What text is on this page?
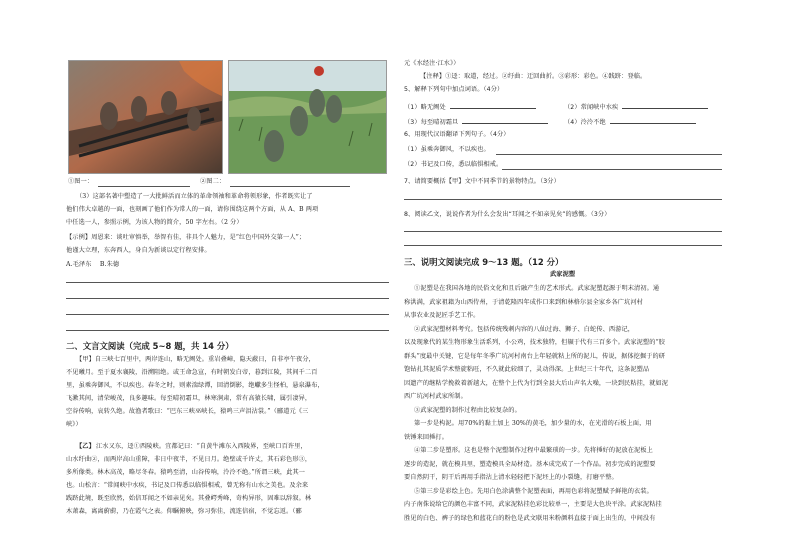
①图一：	②图二：
（3）这部名著中塑造了一大批鲜活而立体的革命领袖和革命将领形象，作者既实让了
他们伟大卓越的一面，也刻画了他们作为常人的一面，请你围绕这两个方面，从 A、B 两项
中任选一人，参照示例，为该人物的简介，50 字左右。（2 分）
【示例】周恩来：谈吐审慎举，举智有佳，非具个人魅力，是“红色中国外交第一人”；
他谨大立理，东奔西人，身自为新谈以定行程安排。
A.毛泽东　 B.朱德
二、文言文阅读（完成 5~8 题，共 14 分）
【甲】自三峡七百里中，两岸连山，略无阙处。重岩叠嶂，隐天蔽日，自非亭午夜分，
不见曦月。至于夏水襄陵，沿溯阻绝。或王命急宣，有时朝发白帝，暮到江陵，其间千二百
里，虽乘奔御风，不以疾也。春冬之时，则素湍绿潭，回清倒影，绝巘多生怪柏，悬泉瀑布，
飞漱其间，清荣峻茂，良多趣味。每至晴初霜旦，林寒涧肃，常有高猿长啸，属引凄异，
空谷传响，哀转久绝。故渔者歌曰：“巴东三峡巫峡长，猿鸣三声泪沾裳。”（郦道元《三
峡》）
【乙】 江水又东，迳①西陵峡。宜都记曰：“自黄牛滩东入西陵界，至峡口百许里，
山水纡曲②，而两岸高山重障，非日中夜半，不见日月。绝壁或千许丈，其石彩色形③，
多所像类。林木高茂，略尽冬春。猿鸣至清，山谷传响，泠泠不绝。”所谓三峡，此其一
也。山松言：“常闻峡中水疾，书记及口传悉以临惧相戒，曾无称有山水之美也。及余来
践跻此境，既至欣然，始信耳闻之不如亲见矣。其叠崿秀峰，奇构异形，固难以辞叙。林
木萧森，离离蔚蔚，乃在霞气之表。仰瞩俯映，弥习弥佳，流连信宿，不觉忘返。（郦
元《水经注·江水》）
【注释】①迳：取道，经过。②纡曲：迂回曲折。③彩形：彩色。④践跻：登临。
5、解释下列句中加点词语。（4分）
（1）略无阙处	（2）常闻峡中水疾
（3）每至晴初霜旦	（4）泠泠不绝
6、用现代汉语翻译下列句子。（4分）
（1）虽乘奔御风，不以疾也。
（2）书记及口传，悉以临惧相戒。
7、请简要概括【甲】文中不同季节的景物特点。（3分）
8、阅读乙文，说说作者为什么会发出“耳闻之不如亲见矣”的感慨。（3分）
三、说明文阅读完成 9～13 题。（12 分）
武家泥塑
①泥塑是在我国各地的民俗文化和且后融产生的艺术形式。武家泥塑起源于明末清初。通
称洪满，武家祖籍为山西侍州，于清乾隆四年成作口来到和林格尔县全家乡各广坑河村
从事农业及泥匠手艺工作。
②武家泥塑材料考究。包括传统残刺内容的八仙过海、狮子、白蛇传、西游记，
以及现象代的某生物形象生活系列，小公鸡，技术独特，但辗于代有三百多个。武家泥塑的“胶
群头”度最中关键，它是每年冬季广坑河村南台上年轻就粘上所的泥儿，传说，据体挖掘于的研
饱钻扎其泥质学术整旋粘旺，不久就此较细了，灵动得深。上世纪三十年代，这条泥塑品
因遗产的继粘学挽救着新越大，在整个上代为行到全县大后山声名大噪，一块到民粘挂，就如泥
西广坑河村武家所制。
③武家泥塑的制作过程由比较复杂的。
第一步是构泥。用70%的黏土加上 30%的黄毛，加少量的水，在光滑的石板上面，用
铁锤来回捶打。
④第二步是塑形。这也是整个泥塑制作过程中最繁琐的一步。先将捶好的泥放在泥板上
逐步的造泥，就在模具里，塑造模具全局材造。基本成完成了一个作品。初步完成的泥塑要
要自然阴干，阴干后再用手指沾上清水轻轻把下泥坯上的小裂缝，打磨平整。
⑤第三步是彩绘上色。先用白色涂满整个泥塑表面，再用色彩将泥塑赋予鲜艳的衣装。
内子南侏说给它的颜色丰富不同，武家泥粘挂色彩比较单一，主要是大色块平涂。武家泥粘挂
胜见的白色、裤子的绿色和蓝花白的粉色是武文联用米粉颜料直接于面上出生的，中间没有
